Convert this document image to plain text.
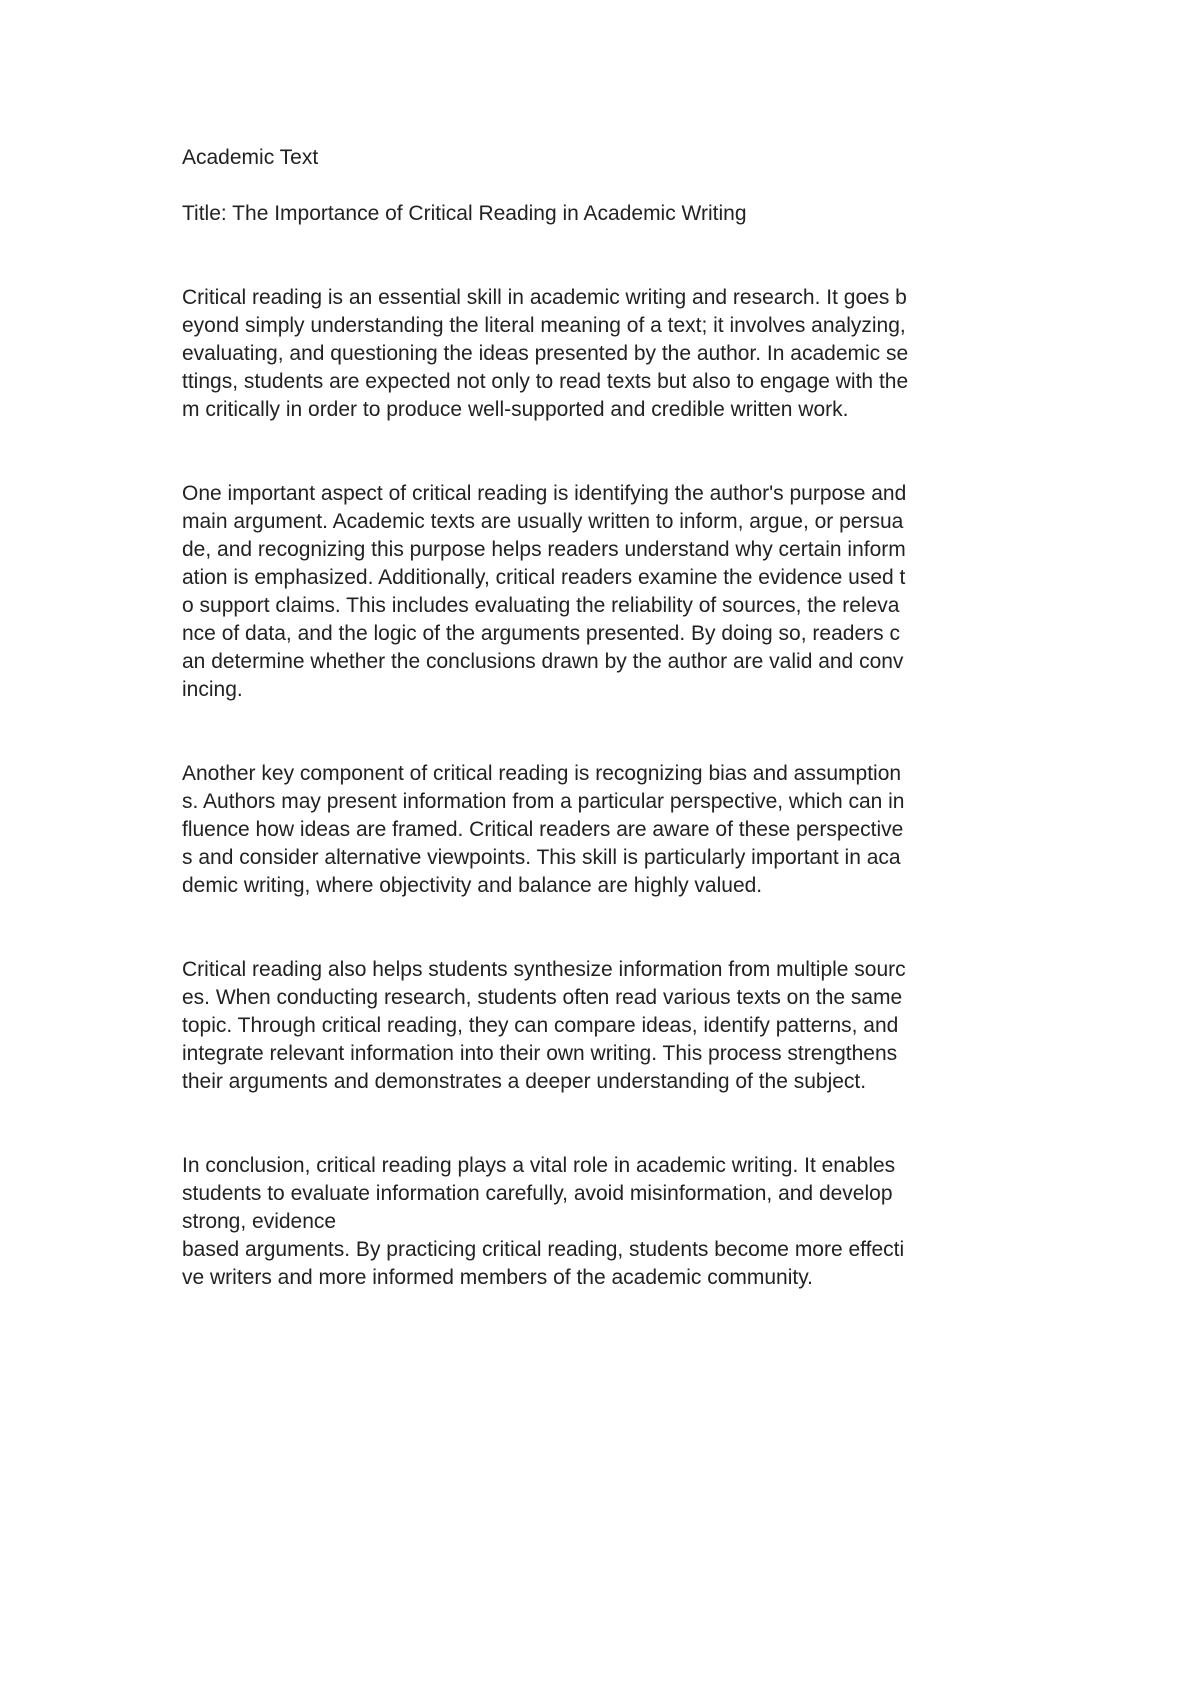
Academic Text
Title: The Importance of Critical Reading in Academic Writing
Critical reading is an essential skill in academic writing and research. It goes b
eyond simply understanding the literal meaning of a text; it involves analyzing,
evaluating, and questioning the ideas presented by the author. In academic se
ttings, students are expected not only to read texts but also to engage with the
m critically in order to produce well-supported and credible written work.
One important aspect of critical reading is identifying the author's purpose and
main argument. Academic texts are usually written to inform, argue, or persua
de, and recognizing this purpose helps readers understand why certain inform
ation is emphasized. Additionally, critical readers examine the evidence used t
o support claims. This includes evaluating the reliability of sources, the releva
nce of data, and the logic of the arguments presented. By doing so, readers c
an determine whether the conclusions drawn by the author are valid and conv
incing.
Another key component of critical reading is recognizing bias and assumption
s. Authors may present information from a particular perspective, which can in
fluence how ideas are framed. Critical readers are aware of these perspective
s and consider alternative viewpoints. This skill is particularly important in aca
demic writing, where objectivity and balance are highly valued.
Critical reading also helps students synthesize information from multiple sourc
es. When conducting research, students often read various texts on the same
topic. Through critical reading, they can compare ideas, identify patterns, and
integrate relevant information into their own writing. This process strengthens
their arguments and demonstrates a deeper understanding of the subject.
In conclusion, critical reading plays a vital role in academic writing. It enables
students to evaluate information carefully, avoid misinformation, and develop
strong, evidence
based arguments. By practicing critical reading, students become more effecti
ve writers and more informed members of the academic community.
